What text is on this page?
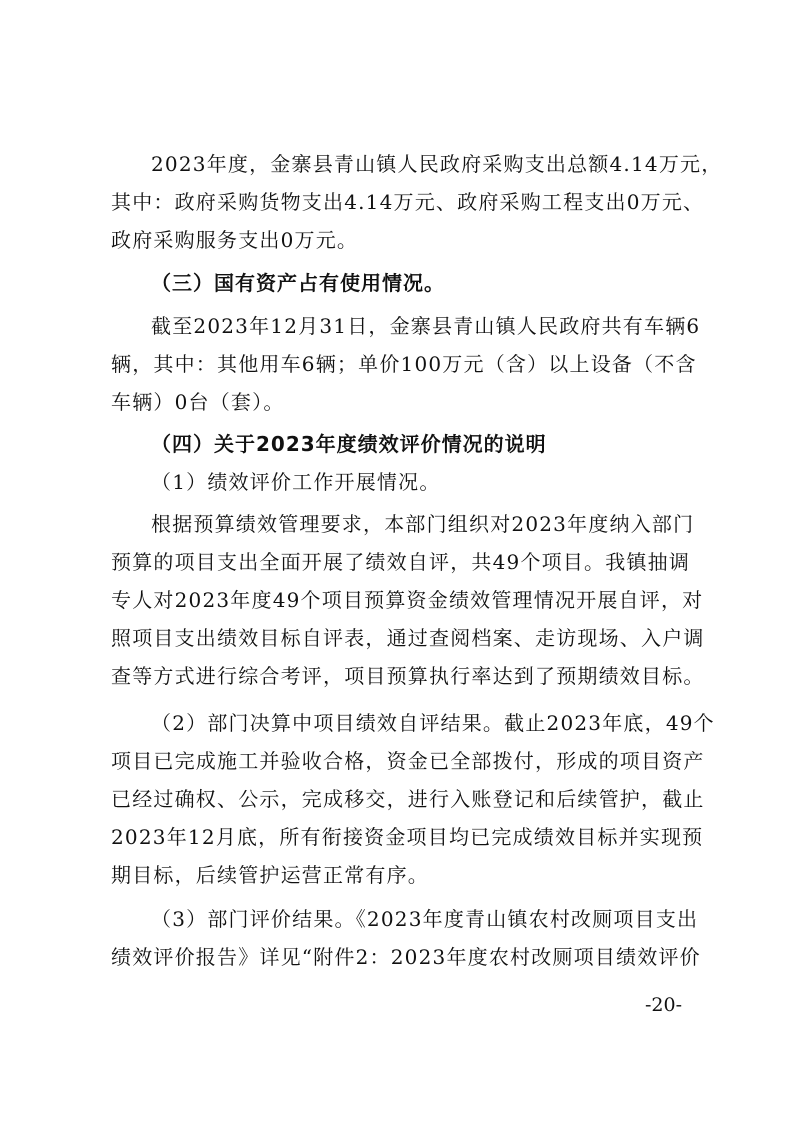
2023年度，金寨县青山镇人民政府采购支出总额4.14万元，
其中：政府采购货物支出4.14万元、政府采购工程支出0万元、
政府采购服务支出0万元。
（三）国有资产占有使用情况。
截至2023年12月31日，金寨县青山镇人民政府共有车辆6
辆，其中：其他用车6辆；单价100万元（含）以上设备（不含
车辆）0台（套）。
（四）关于2023年度绩效评价情况的说明
（1）绩效评价工作开展情况。
根据预算绩效管理要求，本部门组织对2023年度纳入部门
预算的项目支出全面开展了绩效自评，共49个项目。我镇抽调
专人对2023年度49个项目预算资金绩效管理情况开展自评，对
照项目支出绩效目标自评表，通过查阅档案、走访现场、入户调
查等方式进行综合考评，项目预算执行率达到了预期绩效目标。
（2）部门决算中项目绩效自评结果。截止2023年底，49个
项目已完成施工并验收合格，资金已全部拨付，形成的项目资产
已经过确权、公示，完成移交，进行入账登记和后续管护，截止
2023年12月底，所有衔接资金项目均已完成绩效目标并实现预
期目标，后续管护运营正常有序。
（3）部门评价结果。《2023年度青山镇农村改厕项目支出
绩效评价报告》详见“附件2：2023年度农村改厕项目绩效评价
-20-
